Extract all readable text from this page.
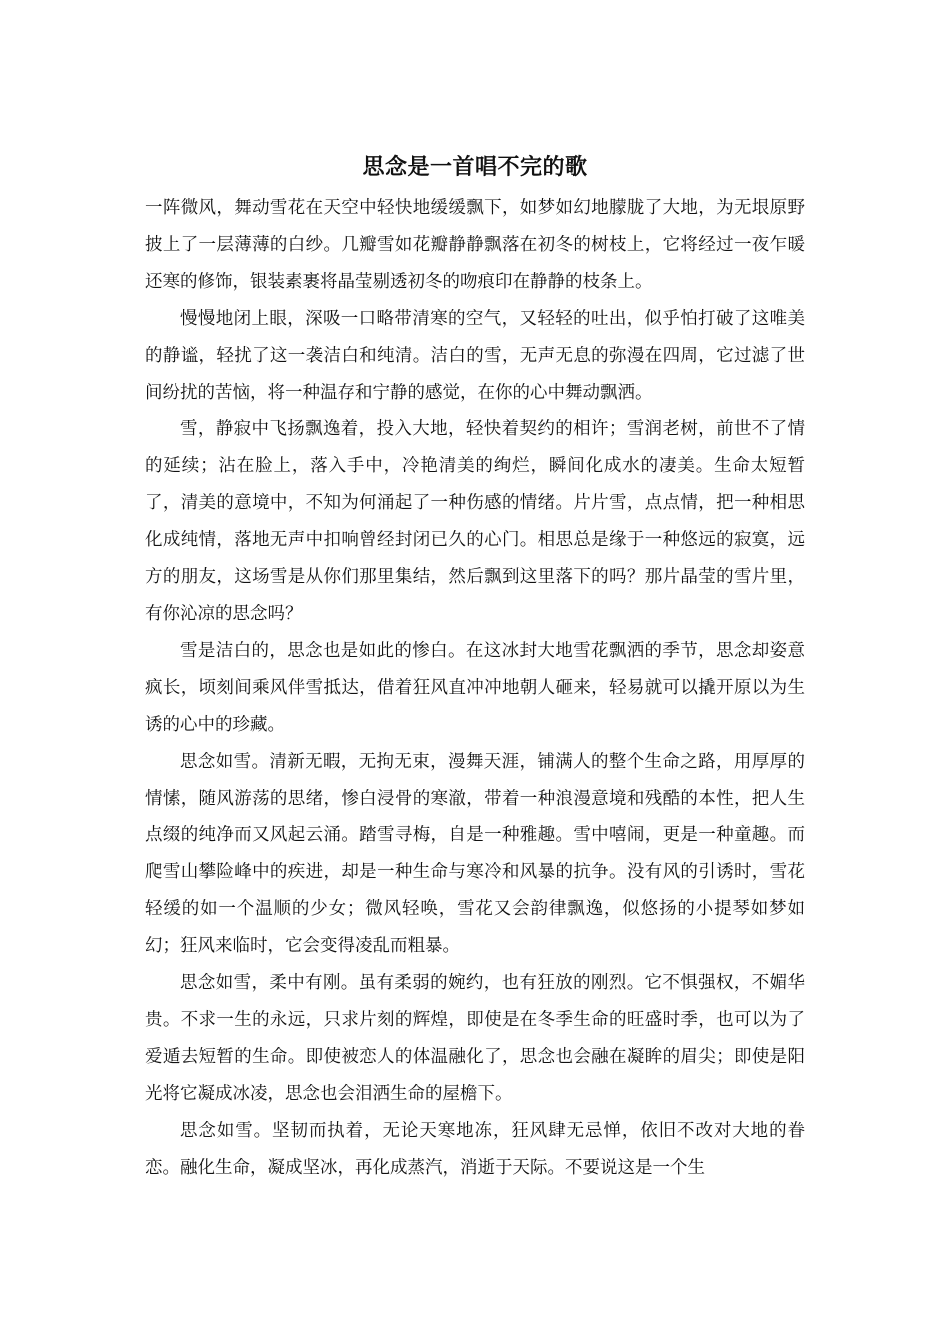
思念是一首唱不完的歌

一阵微风，舞动雪花在天空中轻快地缓缓飘下，如梦如幻地朦胧了大地，为无垠原野披上了一层薄薄的白纱。几瓣雪如花瓣静静飘落在初冬的树枝上，它将经过一夜乍暖还寒的修饰，银装素裹将晶莹剔透初冬的吻痕印在静静的枝条上。

慢慢地闭上眼，深吸一口略带清寒的空气，又轻轻的吐出，似乎怕打破了这唯美的静谧，轻扰了这一袭洁白和纯清。洁白的雪，无声无息的弥漫在四周，它过滤了世间纷扰的苦恼，将一种温存和宁静的感觉，在你的心中舞动飘洒。

雪，静寂中飞扬飘逸着，投入大地，轻快着契约的相许；雪润老树，前世不了情的延续；沾在脸上，落入手中，冷艳清美的绚烂，瞬间化成水的凄美。生命太短暂了，清美的意境中，不知为何涌起了一种伤感的情绪。片片雪，点点情，把一种相思化成纯情，落地无声中扣响曾经封闭已久的心门。相思总是缘于一种悠远的寂寞，远方的朋友，这场雪是从你们那里集结，然后飘到这里落下的吗？那片晶莹的雪片里，有你沁凉的思念吗？

雪是洁白的，思念也是如此的惨白。在这冰封大地雪花飘洒的季节，思念却姿意疯长，顷刻间乘风伴雪抵达，借着狂风直冲冲地朝人砸来，轻易就可以撬开原以为生诱的心中的珍藏。

思念如雪。清新无暇，无拘无束，漫舞天涯，铺满人的整个生命之路，用厚厚的情愫，随风游荡的思绪，惨白浸骨的寒澈，带着一种浪漫意境和残酷的本性，把人生点缀的纯净而又风起云涌。踏雪寻梅，自是一种雅趣。雪中嘻闹，更是一种童趣。而爬雪山攀险峰中的疾进，却是一种生命与寒冷和风暴的抗争。没有风的引诱时，雪花轻缓的如一个温顺的少女；微风轻唤，雪花又会韵律飘逸，似悠扬的小提琴如梦如幻；狂风来临时，它会变得凌乱而粗暴。

思念如雪，柔中有刚。虽有柔弱的婉约，也有狂放的刚烈。它不惧强权，不媚华贵。不求一生的永远，只求片刻的辉煌，即使是在冬季生命的旺盛时季，也可以为了爱遁去短暂的生命。即使被恋人的体温融化了，思念也会融在凝眸的眉尖；即使是阳光将它凝成冰凌，思念也会泪洒生命的屋檐下。

思念如雪。坚韧而执着，无论天寒地冻，狂风肆无忌惮，依旧不改对大地的眷恋。融化生命，凝成坚冰，再化成蒸汽，消逝于天际。不要说这是一个生
